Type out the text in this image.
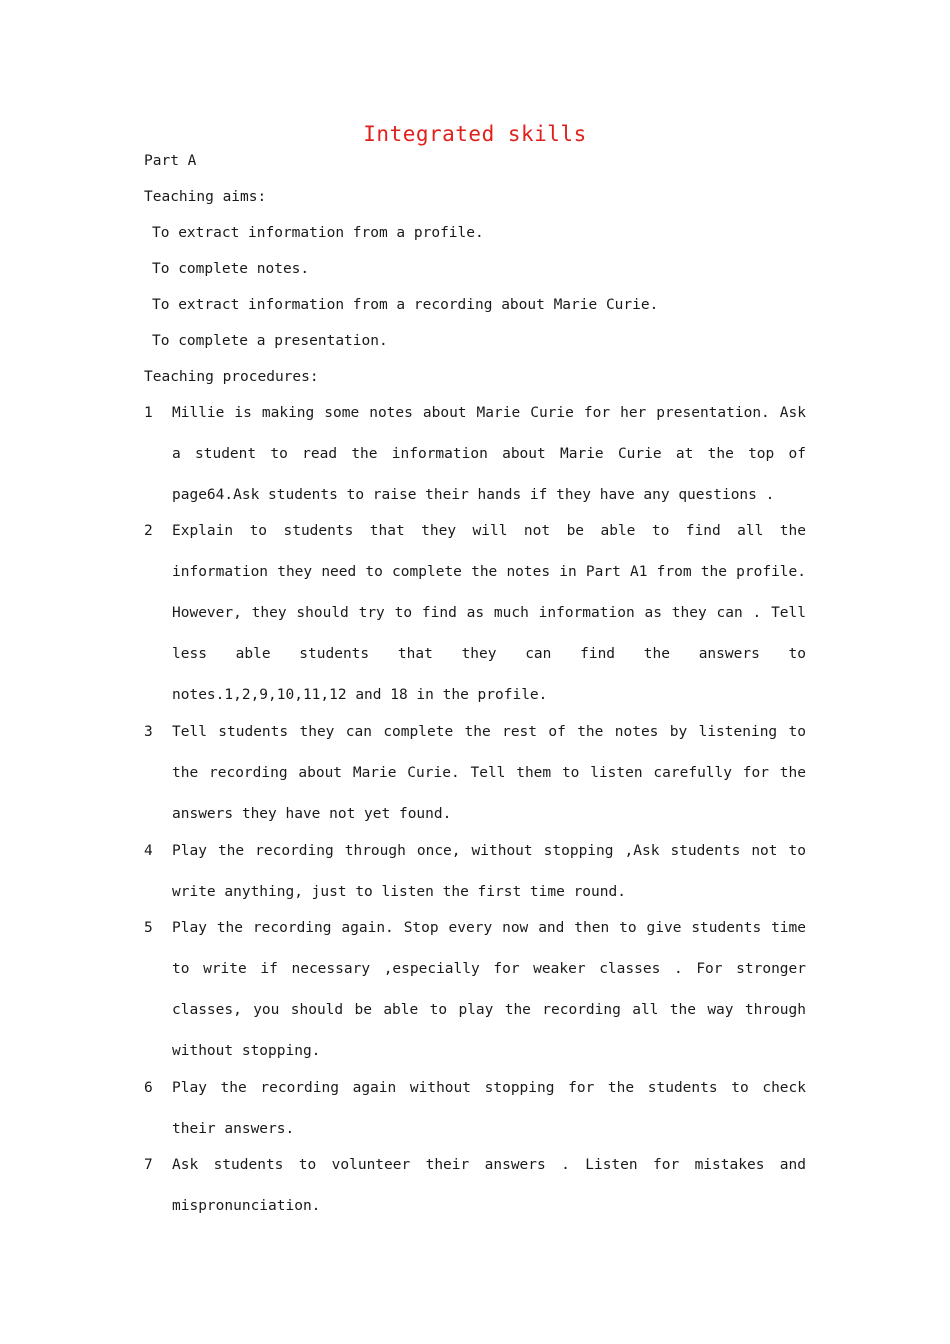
Integrated skills
Part A
Teaching aims:
To extract information from a profile.
To complete notes.
To extract information from a recording about Marie Curie.
To complete a presentation.
Teaching procedures:
1 Millie is making some notes about Marie Curie for her presentation. Ask a student to read the information about Marie Curie at the top of page64.Ask students to raise their hands if they have any questions .
2 Explain to students that they will not be able to find all the information they need to complete the notes in Part A1 from the profile. However, they should try to find as much information as they can . Tell less able students that they can find the answers to notes.1,2,9,10,11,12 and 18 in the profile.
3 Tell students they can complete the rest of the notes by listening to the recording about Marie Curie. Tell them to listen carefully for the answers they have not yet found.
4 Play the recording through once, without stopping ,Ask students not to write anything, just to listen the first time round.
5 Play the recording again. Stop every now and then to give students time to write if necessary ,especially for weaker classes . For stronger classes, you should be able to play the recording all the way through without stopping.
6 Play the recording again without stopping for the students to check their answers.
7 Ask students to volunteer their answers . Listen for mistakes and mispronunciation.
